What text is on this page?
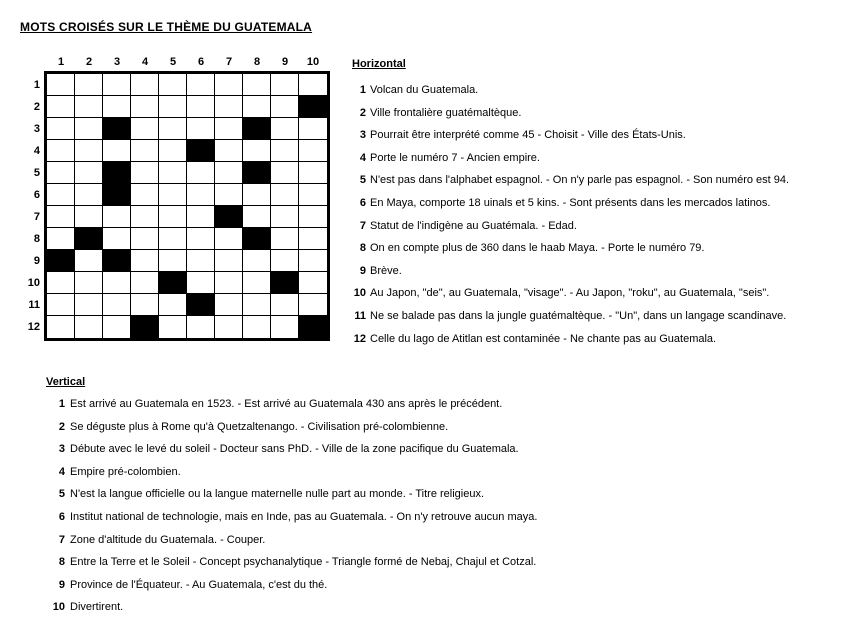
MOTS CROISÉS SUR LE THÈME DU GUATEMALA
1	2	3	4	5	6	7	8	9	10
1
2
3
4
5
6
7
8
9
10
11
12
Horizontal
1 Volcan du Guatemala.
2 Ville frontalière guatémaltèque.
3 Pourrait être interprété comme 45 - Choisit - Ville des États-Unis.
4 Porte le numéro 7 - Ancien empire.
5 N'est pas dans l'alphabet espagnol. - On n'y parle pas espagnol. - Son numéro est 94.
6 En Maya, comporte 18 uinals et 5 kins. - Sont présents dans les mercados latinos.
7 Statut de l'indigène au Guatémala. - Edad.
8 On en compte plus de 360 dans le haab Maya. - Porte le numéro 79.
9 Brève.
10 Au Japon, "de", au Guatemala, "visage". - Au Japon, "roku", au Guatemala, "seis".
11 Ne se balade pas dans la jungle guatémaltèque. - "Un", dans un langage scandinave.
12 Celle du lago de Atitlan est contaminée - Ne chante pas au Guatemala.
Vertical
1 Est arrivé au Guatemala en 1523. - Est arrivé au Guatemala 430 ans après le précédent.
2 Se déguste plus à Rome qu'à Quetzaltenango. - Civilisation pré-colombienne.
3 Débute avec le levé du soleil - Docteur sans PhD. - Ville de la zone pacifique du Guatemala.
4 Empire pré-colombien.
5 N'est la langue officielle ou la langue maternelle nulle part au monde. - Titre religieux.
6 Institut national de technologie, mais en Inde, pas au Guatemala. - On n'y retrouve aucun maya.
7 Zone d'altitude du Guatemala. - Couper.
8 Entre la Terre et le Soleil - Concept psychanalytique - Triangle formé de Nebaj, Chajul et Cotzal.
9 Province de l'Équateur. - Au Guatemala, c'est du thé.
10 Divertirent.
